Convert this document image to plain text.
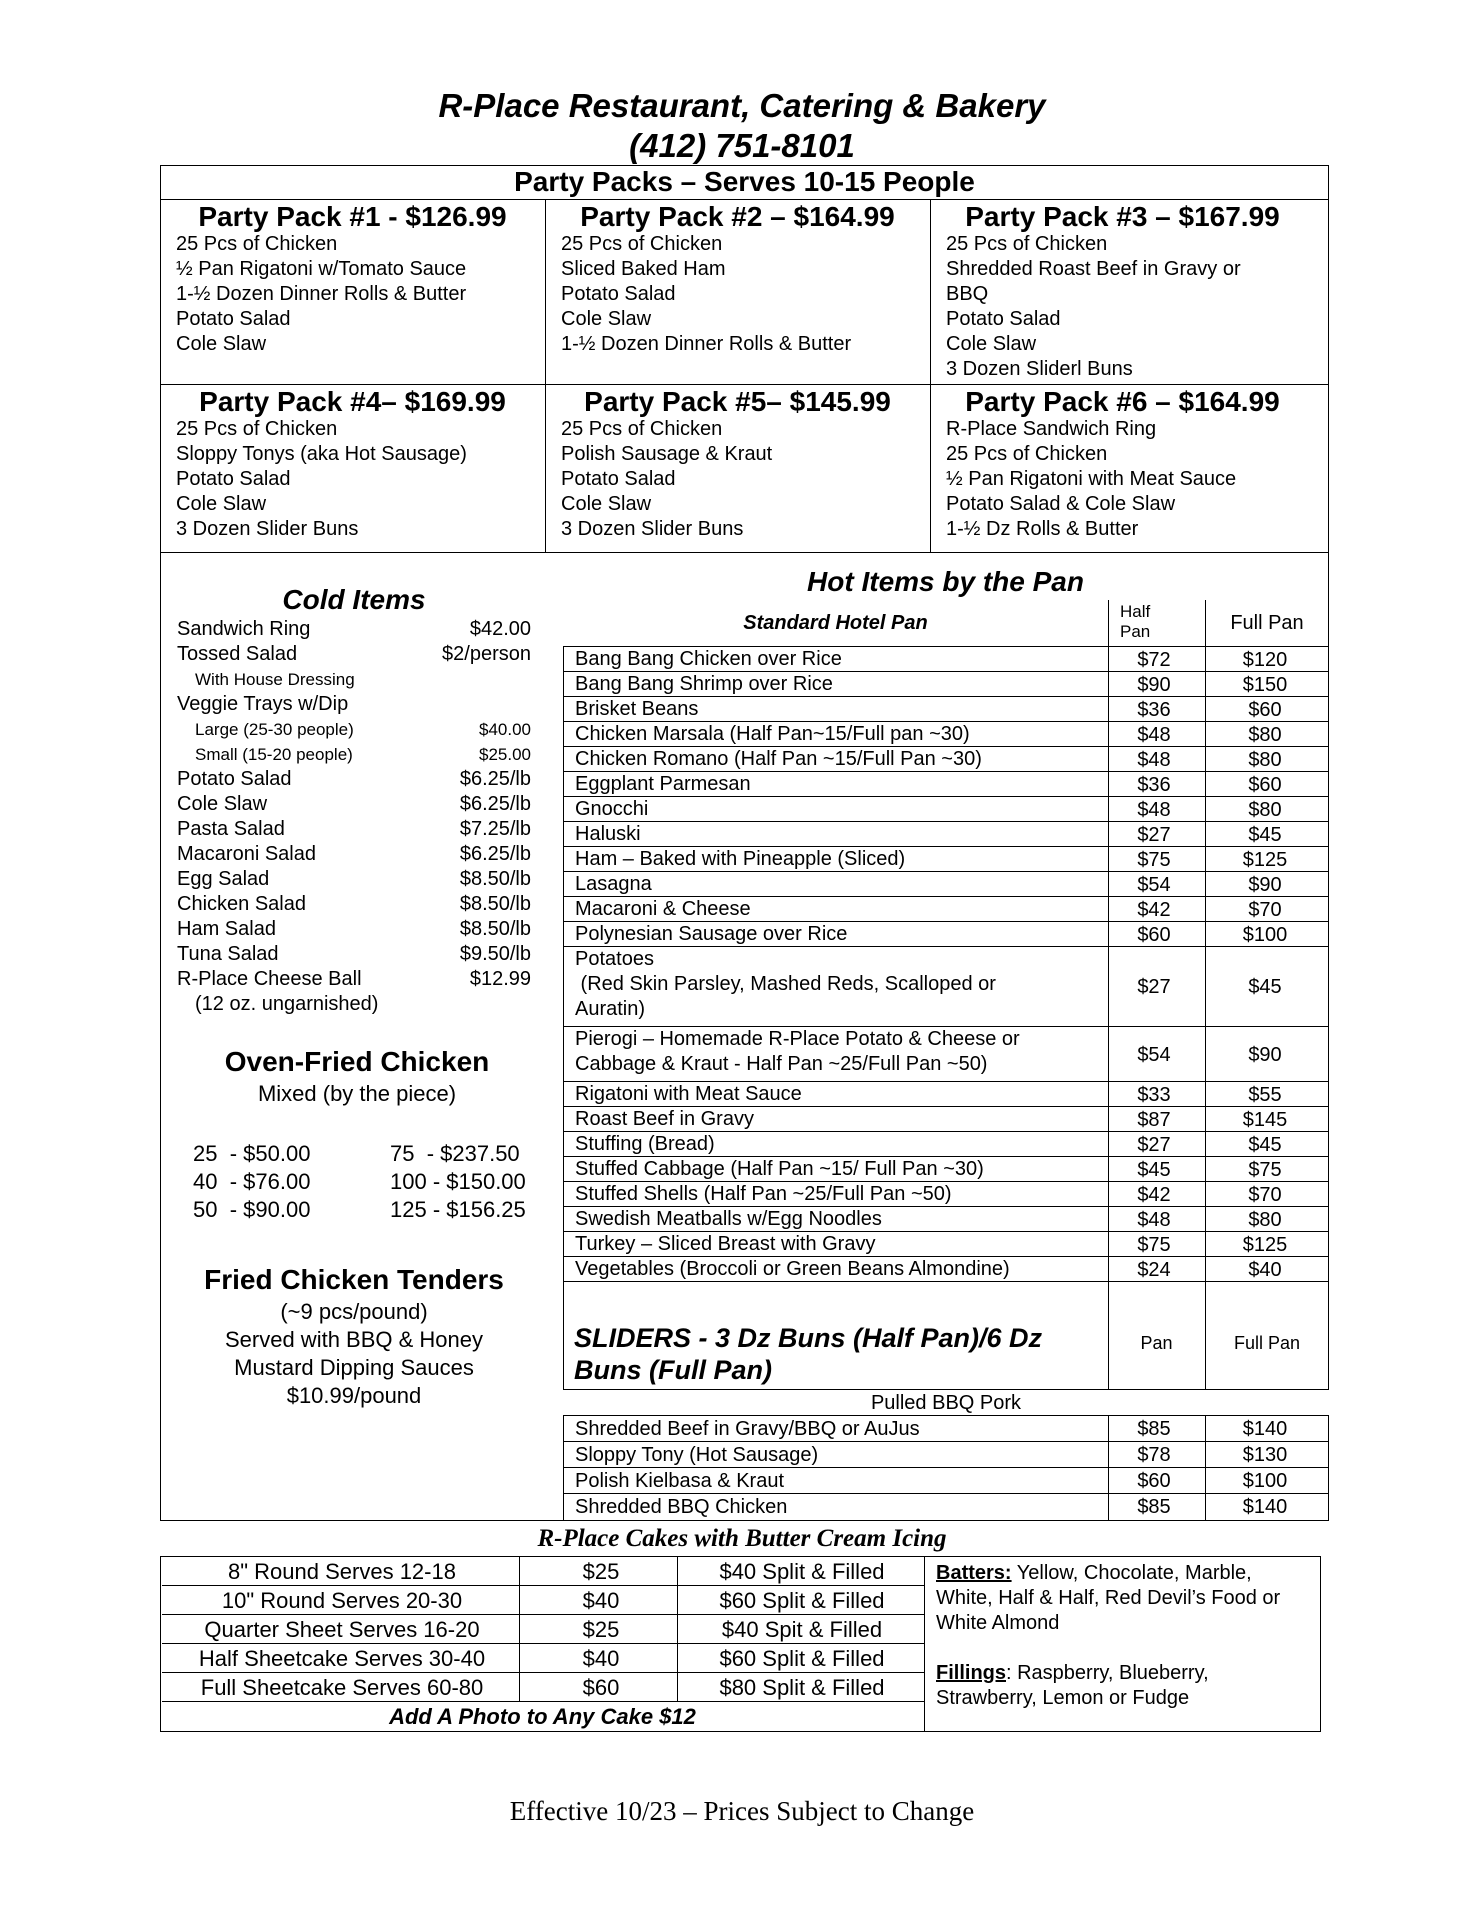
R-Place Restaurant, Catering & Bakery
(412) 751-8101
Party Packs – Serves 10-15 People
Party Pack #1 - $126.99
25 Pcs of Chicken
½ Pan Rigatoni w/Tomato Sauce
1-½ Dozen Dinner Rolls & Butter
Potato Salad
Cole Slaw
Party Pack #2 – $164.99
25 Pcs of Chicken
Sliced Baked Ham
Potato Salad
Cole Slaw
1-½ Dozen Dinner Rolls & Butter
Party Pack #3 – $167.99
25 Pcs of Chicken
Shredded Roast Beef in Gravy or
BBQ
Potato Salad
Cole Slaw
3 Dozen Sliderl Buns
Party Pack #4– $169.99
25 Pcs of Chicken
Sloppy Tonys (aka Hot Sausage)
Potato Salad
Cole Slaw
3 Dozen Slider Buns
Party Pack #5– $145.99
25 Pcs of Chicken
Polish Sausage & Kraut
Potato Salad
Cole Slaw
3 Dozen Slider Buns
Party Pack #6 – $164.99
R-Place Sandwich Ring
25 Pcs of Chicken
½ Pan Rigatoni with Meat Sauce
Potato Salad & Cole Slaw
1-½ Dz Rolls & Butter
Cold Items
Sandwich Ring	$42.00
Tossed Salad	$2/person
With House Dressing
Veggie Trays w/Dip
Large (25-30 people)	$40.00
Small (15-20 people)	$25.00
Potato Salad	$6.25/lb
Cole Slaw	$6.25/lb
Pasta Salad	$7.25/lb
Macaroni Salad	$6.25/lb
Egg Salad	$8.50/lb
Chicken Salad	$8.50/lb
Ham Salad	$8.50/lb
Tuna Salad	$9.50/lb
R-Place Cheese Ball	$12.99
(12 oz. ungarnished)
Oven-Fried Chicken
Mixed (by the piece)
25  - $50.00
40  - $76.00
50  - $90.00
75  - $237.50
100 - $150.00
125 - $156.25
Fried Chicken Tenders
(~9 pcs/pound)
Served with BBQ & Honey
Mustard Dipping Sauces
$10.99/pound
Hot Items by the Pan
Standard Hotel Pan
Half Pan	Full Pan
Bang Bang Chicken over Rice	$72	$120
Bang Bang Shrimp over Rice	$90	$150
Brisket Beans	$36	$60
Chicken Marsala (Half Pan~15/Full pan ~30)	$48	$80
Chicken Romano (Half Pan ~15/Full Pan ~30)	$48	$80
Eggplant Parmesan	$36	$60
Gnocchi	$48	$80
Haluski	$27	$45
Ham – Baked with Pineapple (Sliced)	$75	$125
Lasagna	$54	$90
Macaroni & Cheese	$42	$70
Polynesian Sausage over Rice	$60	$100
Potatoes
(Red Skin Parsley, Mashed Reds, Scalloped or
Auratin)
$27	$45
Pierogi – Homemade R-Place Potato & Cheese or
Cabbage & Kraut - Half Pan ~25/Full Pan ~50)	$54	$90
Rigatoni with Meat Sauce	$33	$55
Roast Beef in Gravy	$87	$145
Stuffing (Bread)	$27	$45
Stuffed Cabbage (Half Pan ~15/ Full Pan ~30)	$45	$75
Stuffed Shells (Half Pan ~25/Full Pan ~50)	$42	$70
Swedish Meatballs w/Egg Noodles	$48	$80
Turkey – Sliced Breast with Gravy	$75	$125
Vegetables (Broccoli or Green Beans Almondine)	$24	$40
SLIDERS - 3 Dz Buns (Half Pan)/6 Dz Buns (Full Pan)
Pan	Full Pan
Pulled BBQ Pork
Shredded Beef in Gravy/BBQ or AuJus	$85	$140
Sloppy Tony (Hot Sausage)	$78	$130
Polish Kielbasa & Kraut	$60	$100
Shredded BBQ Chicken	$85	$140
R-Place Cakes with Butter Cream Icing
8" Round Serves 12-18	$25	$40 Split & Filled
10" Round Serves 20-30	$40	$60 Split & Filled
Quarter Sheet Serves 16-20	$25	$40 Spit & Filled
Half Sheetcake Serves 30-40	$40	$60 Split & Filled
Full Sheetcake Serves 60-80	$60	$80 Split & Filled
Add A Photo to Any Cake $12
Batters: Yellow, Chocolate, Marble, White, Half & Half, Red Devil’s Food or White Almond
Fillings: Raspberry, Blueberry, Strawberry, Lemon or Fudge
Effective 10/23 – Prices Subject to Change
